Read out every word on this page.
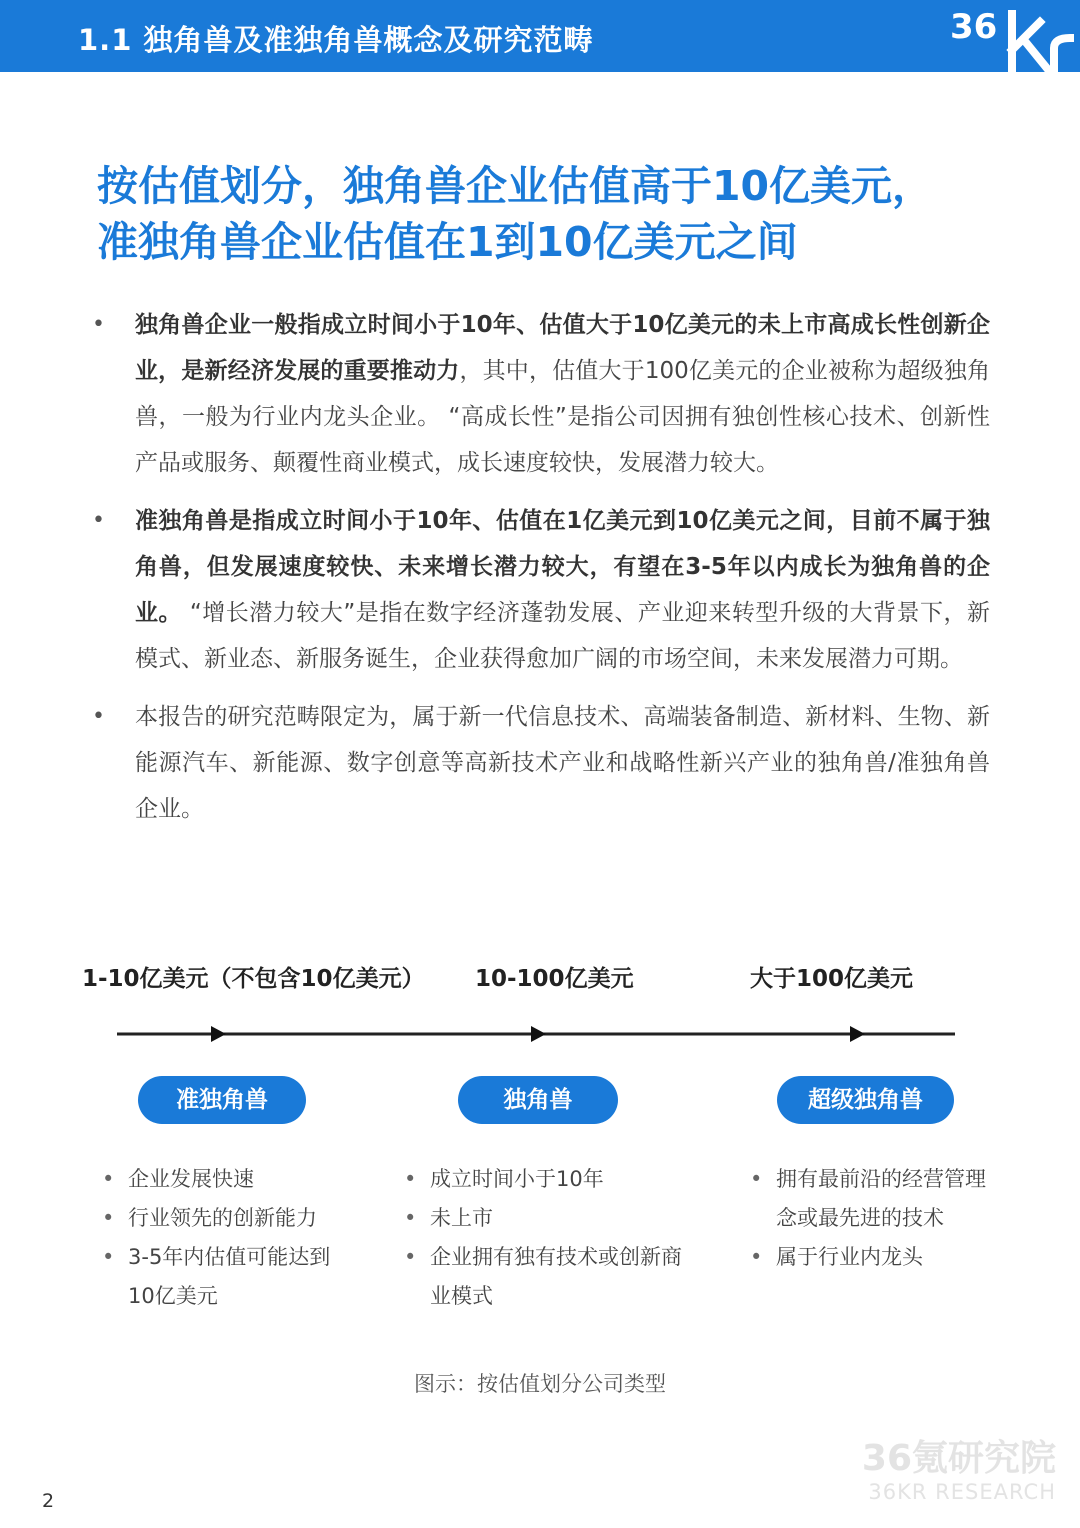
1.1 独角兽及准独角兽概念及研究范畴	36
按估值划分，独角兽企业估值高于10亿美元，
准独角兽企业估值在1到10亿美元之间
• 独角兽企业一般指成立时间小于10年、估值大于10亿美元的未上市高成长性创新企业，是新经济发展的重要推动力，其中，估值大于100亿美元的企业被称为超级独角兽，一般为行业内龙头企业。 “高成长性”是指公司因拥有独创性核心技术、创新性产品或服务、颠覆性商业模式，成长速度较快，发展潜力较大。

• 准独角兽是指成立时间小于10年、估值在1亿美元到10亿美元之间，目前不属于独角兽，但发展速度较快、未来增长潜力较大，有望在3-5年以内成长为独角兽的企业。 “增长潜力较大”是指在数字经济蓬勃发展、产业迎来转型升级的大背景下，新模式、新业态、新服务诞生，企业获得愈加广阔的市场空间，未来发展潜力可期。

• 本报告的研究范畴限定为，属于新一代信息技术、高端装备制造、新材料、生物、新能源汽车、新能源、数字创意等高新技术产业和战略性新兴产业的独角兽/准独角兽企业。

1-10亿美元（不包含10亿美元） 10-100亿美元	大于100亿美元
准独角兽	独角兽	超级独角兽
• 企业发展快速
• 行业领先的创新能力
• 3-5年内估值可能达到10亿美元
• 成立时间小于10年
• 未上市
• 企业拥有独有技术或创新商业模式
• 拥有最前沿的经营管理念或最先进的技术
• 属于行业内龙头
图示：按估值划分公司类型
36氪研究院
36KR RESEARCH
2
